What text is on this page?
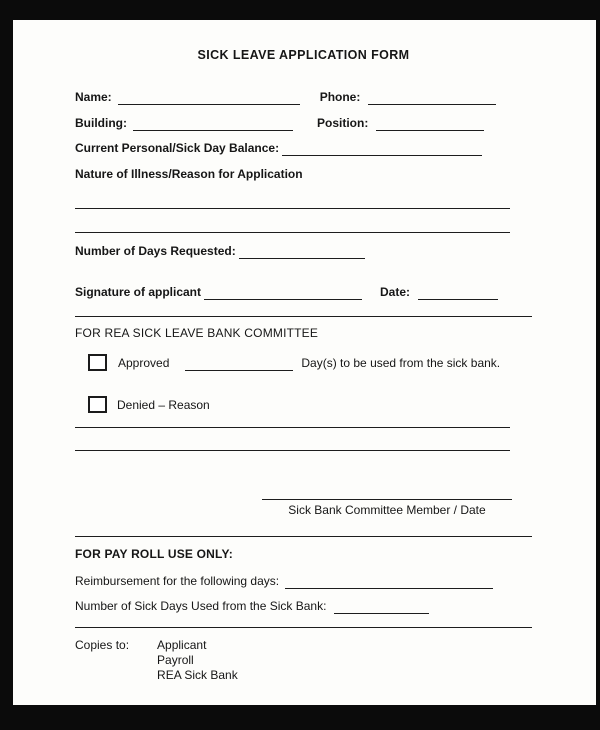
SICK LEAVE APPLICATION FORM
Name:	Phone:
Building:	Position:
Current Personal/Sick Day Balance:
Nature of Illness/Reason for Application
Number of Days Requested:
Signature of applicant	Date:
FOR REA SICK LEAVE BANK COMMITTEE
Approved	Day(s) to be used from the sick bank.
Denied – Reason
Sick Bank Committee Member / Date
FOR PAY ROLL USE ONLY:
Reimbursement for the following days:
Number of Sick Days Used from the Sick Bank:
Copies to: Applicant
Payroll
REA Sick Bank
